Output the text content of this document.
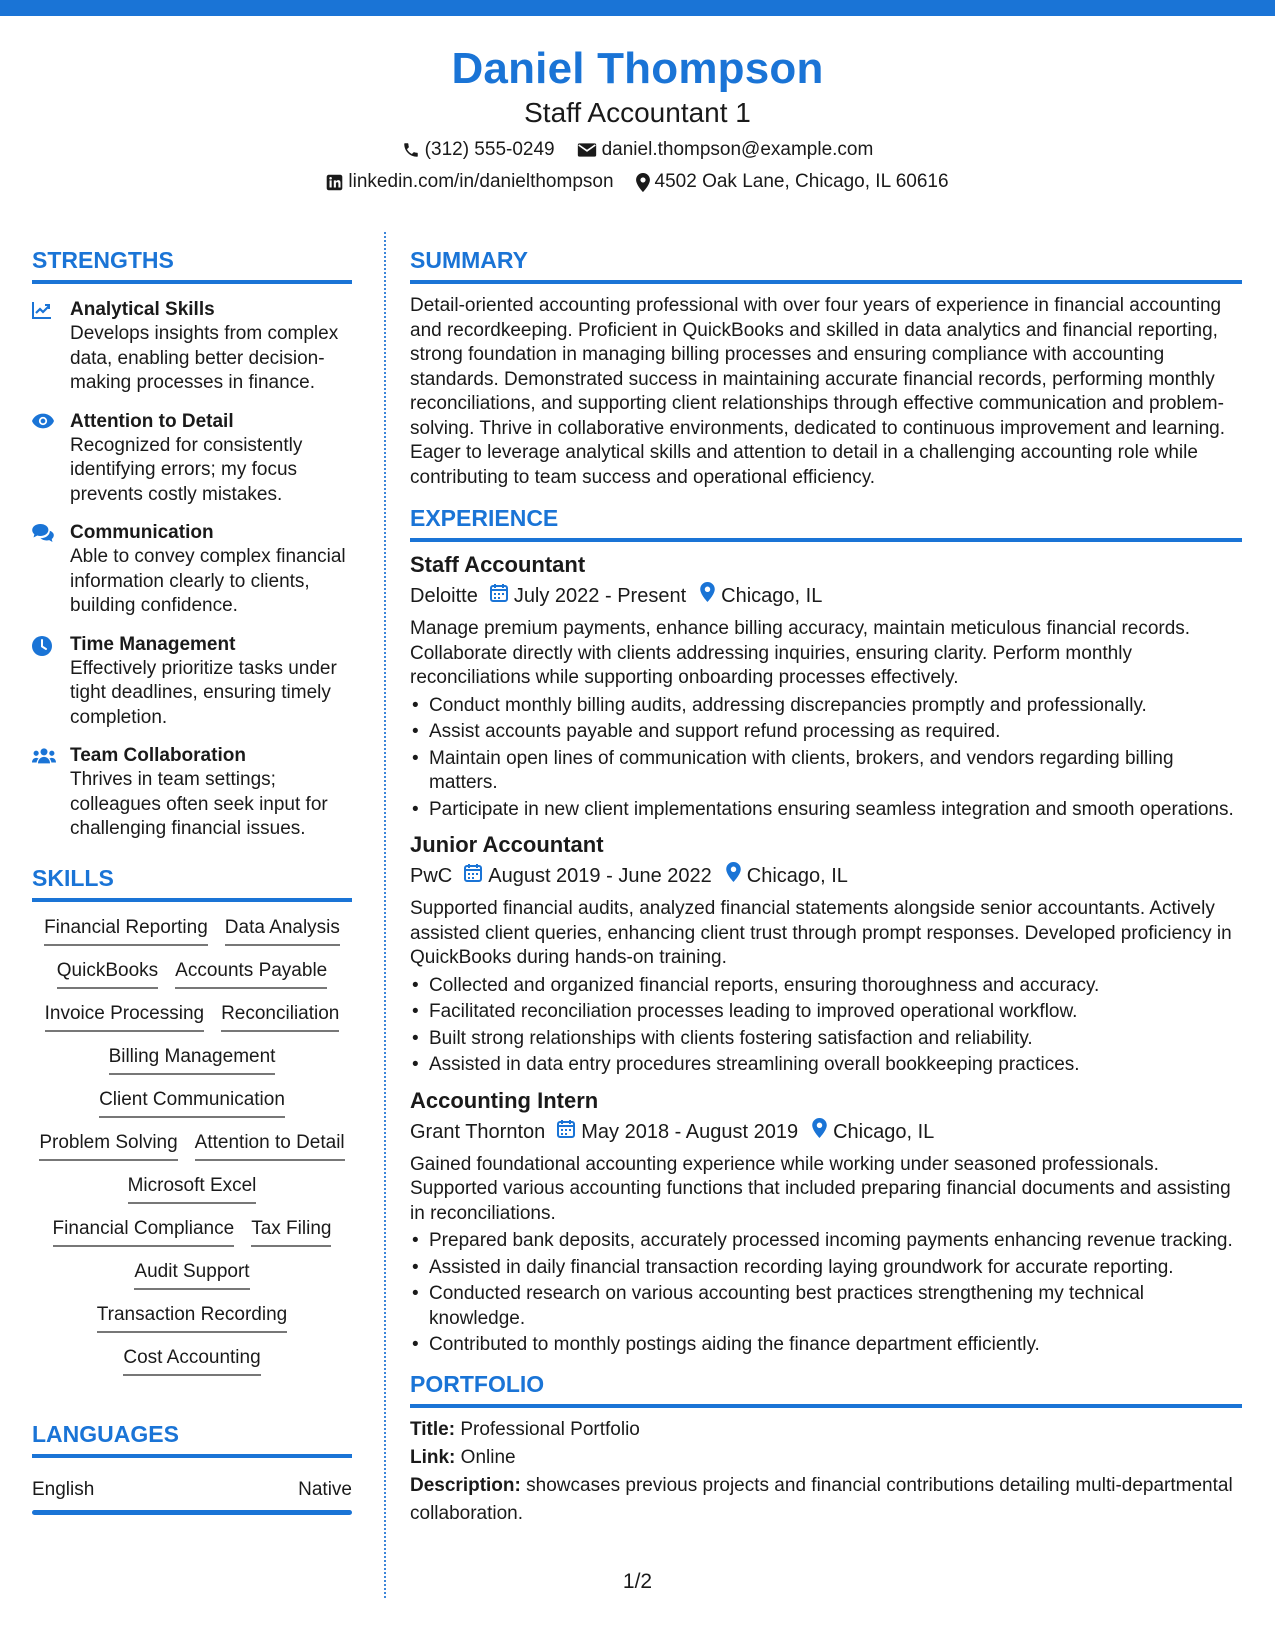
Daniel Thompson
Staff Accountant 1
(312) 555-0249 daniel.thompson@example.com
linkedin.com/in/danielthompson 4502 Oak Lane, Chicago, IL 60616
STRENGTHS
Analytical Skills
Develops insights from complex data, enabling better decision-making processes in finance.
Attention to Detail
Recognized for consistently identifying errors; my focus prevents costly mistakes.
Communication
Able to convey complex financial information clearly to clients, building confidence.
Time Management
Effectively prioritize tasks under tight deadlines, ensuring timely completion.
Team Collaboration
Thrives in team settings; colleagues often seek input for challenging financial issues.
SKILLS
Financial Reporting Data Analysis
QuickBooks Accounts Payable
Invoice Processing Reconciliation
Billing Management
Client Communication
Problem Solving Attention to Detail
Microsoft Excel
Financial Compliance Tax Filing
Audit Support
Transaction Recording
Cost Accounting
LANGUAGES
English	Native
SUMMARY
Detail-oriented accounting professional with over four years of experience in financial accounting and recordkeeping. Proficient in QuickBooks and skilled in data analytics and financial reporting, strong foundation in managing billing processes and ensuring compliance with accounting standards. Demonstrated success in maintaining accurate financial records, performing monthly reconciliations, and supporting client relationships through effective communication and problem-solving. Thrive in collaborative environments, dedicated to continuous improvement and learning. Eager to leverage analytical skills and attention to detail in a challenging accounting role while contributing to team success and operational efficiency.
EXPERIENCE
Staff Accountant
Deloitte July 2022 - Present Chicago, IL
Manage premium payments, enhance billing accuracy, maintain meticulous financial records. Collaborate directly with clients addressing inquiries, ensuring clarity. Perform monthly reconciliations while supporting onboarding processes effectively.
• Conduct monthly billing audits, addressing discrepancies promptly and professionally.
• Assist accounts payable and support refund processing as required.
• Maintain open lines of communication with clients, brokers, and vendors regarding billing matters.
• Participate in new client implementations ensuring seamless integration and smooth operations.
Junior Accountant
PwC August 2019 - June 2022 Chicago, IL
Supported financial audits, analyzed financial statements alongside senior accountants. Actively assisted client queries, enhancing client trust through prompt responses. Developed proficiency in QuickBooks during hands-on training.
• Collected and organized financial reports, ensuring thoroughness and accuracy.
• Facilitated reconciliation processes leading to improved operational workflow.
• Built strong relationships with clients fostering satisfaction and reliability.
• Assisted in data entry procedures streamlining overall bookkeeping practices.
Accounting Intern
Grant Thornton May 2018 - August 2019 Chicago, IL
Gained foundational accounting experience while working under seasoned professionals. Supported various accounting functions that included preparing financial documents and assisting in reconciliations.
• Prepared bank deposits, accurately processed incoming payments enhancing revenue tracking.
• Assisted in daily financial transaction recording laying groundwork for accurate reporting.
• Conducted research on various accounting best practices strengthening my technical knowledge.
• Contributed to monthly postings aiding the finance department efficiently.
PORTFOLIO
Title: Professional Portfolio
Link: Online
Description: showcases previous projects and financial contributions detailing multi-departmental collaboration.
1/2
